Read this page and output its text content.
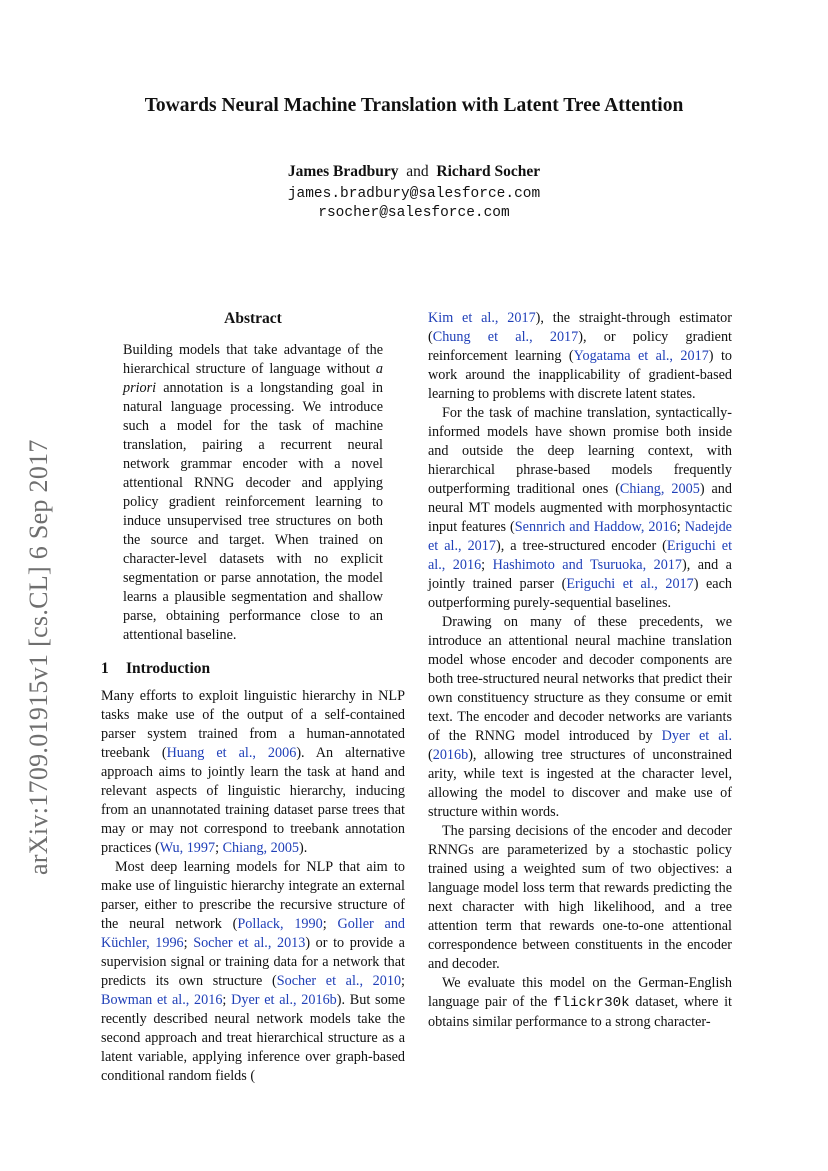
Towards Neural Machine Translation with Latent Tree Attention
James Bradbury and Richard Socher
james.bradbury@salesforce.com
rsocher@salesforce.com
arXiv:1709.01915v1 [cs.CL] 6 Sep 2017
Abstract
Building models that take advantage of the hierarchical structure of language without a priori annotation is a longstanding goal in natural language processing. We introduce such a model for the task of machine translation, pairing a recurrent neural network grammar encoder with a novel attentional RNNG decoder and applying policy gradient reinforcement learning to induce unsupervised tree structures on both the source and target. When trained on character-level datasets with no explicit segmentation or parse annotation, the model learns a plausible segmentation and shallow parse, obtaining performance close to an attentional baseline.
1 Introduction

Many efforts to exploit linguistic hierarchy in NLP tasks make use of the output of a self-contained parser system trained from a human-annotated treebank (Huang et al., 2006). An alternative approach aims to jointly learn the task at hand and relevant aspects of linguistic hierarchy, inducing from an unannotated training dataset parse trees that may or may not correspond to treebank annotation practices (Wu, 1997; Chiang, 2005).

Most deep learning models for NLP that aim to make use of linguistic hierarchy integrate an external parser, either to prescribe the recursive structure of the neural network (Pollack, 1990; Goller and Küchler, 1996; Socher et al., 2013) or to provide a supervision signal or training data for a network that predicts its own structure (Socher et al., 2010; Bowman et al., 2016; Dyer et al., 2016b). But some recently described neural network models take the second approach and treat hierarchical structure as a latent variable, applying inference over graph-based conditional random fields (

Kim et al., 2017), the straight-through estimator (Chung et al., 2017), or policy gradient reinforcement learning (Yogatama et al., 2017) to work around the inapplicability of gradient-based learning to problems with discrete latent states.

For the task of machine translation, syntactically-informed models have shown promise both inside and outside the deep learning context, with hierarchical phrase-based models frequently outperforming traditional ones (Chiang, 2005) and neural MT models augmented with morphosyntactic input features (Sennrich and Haddow, 2016; Nadejde et al., 2017), a tree-structured encoder (Eriguchi et al., 2016; Hashimoto and Tsuruoka, 2017), and a jointly trained parser (Eriguchi et al., 2017) each outperforming purely-sequential baselines.

Drawing on many of these precedents, we introduce an attentional neural machine translation model whose encoder and decoder components are both tree-structured neural networks that predict their own constituency structure as they consume or emit text. The encoder and decoder networks are variants of the RNNG model introduced by Dyer et al. (2016b), allowing tree structures of unconstrained arity, while text is ingested at the character level, allowing the model to discover and make use of structure within words.

The parsing decisions of the encoder and decoder RNNGs are parameterized by a stochastic policy trained using a weighted sum of two objectives: a language model loss term that rewards predicting the next character with high likelihood, and a tree attention term that rewards one-to-one attentional correspondence between constituents in the encoder and decoder.

We evaluate this model on the German-English language pair of the flickr30k dataset, where it obtains similar performance to a strong character-
